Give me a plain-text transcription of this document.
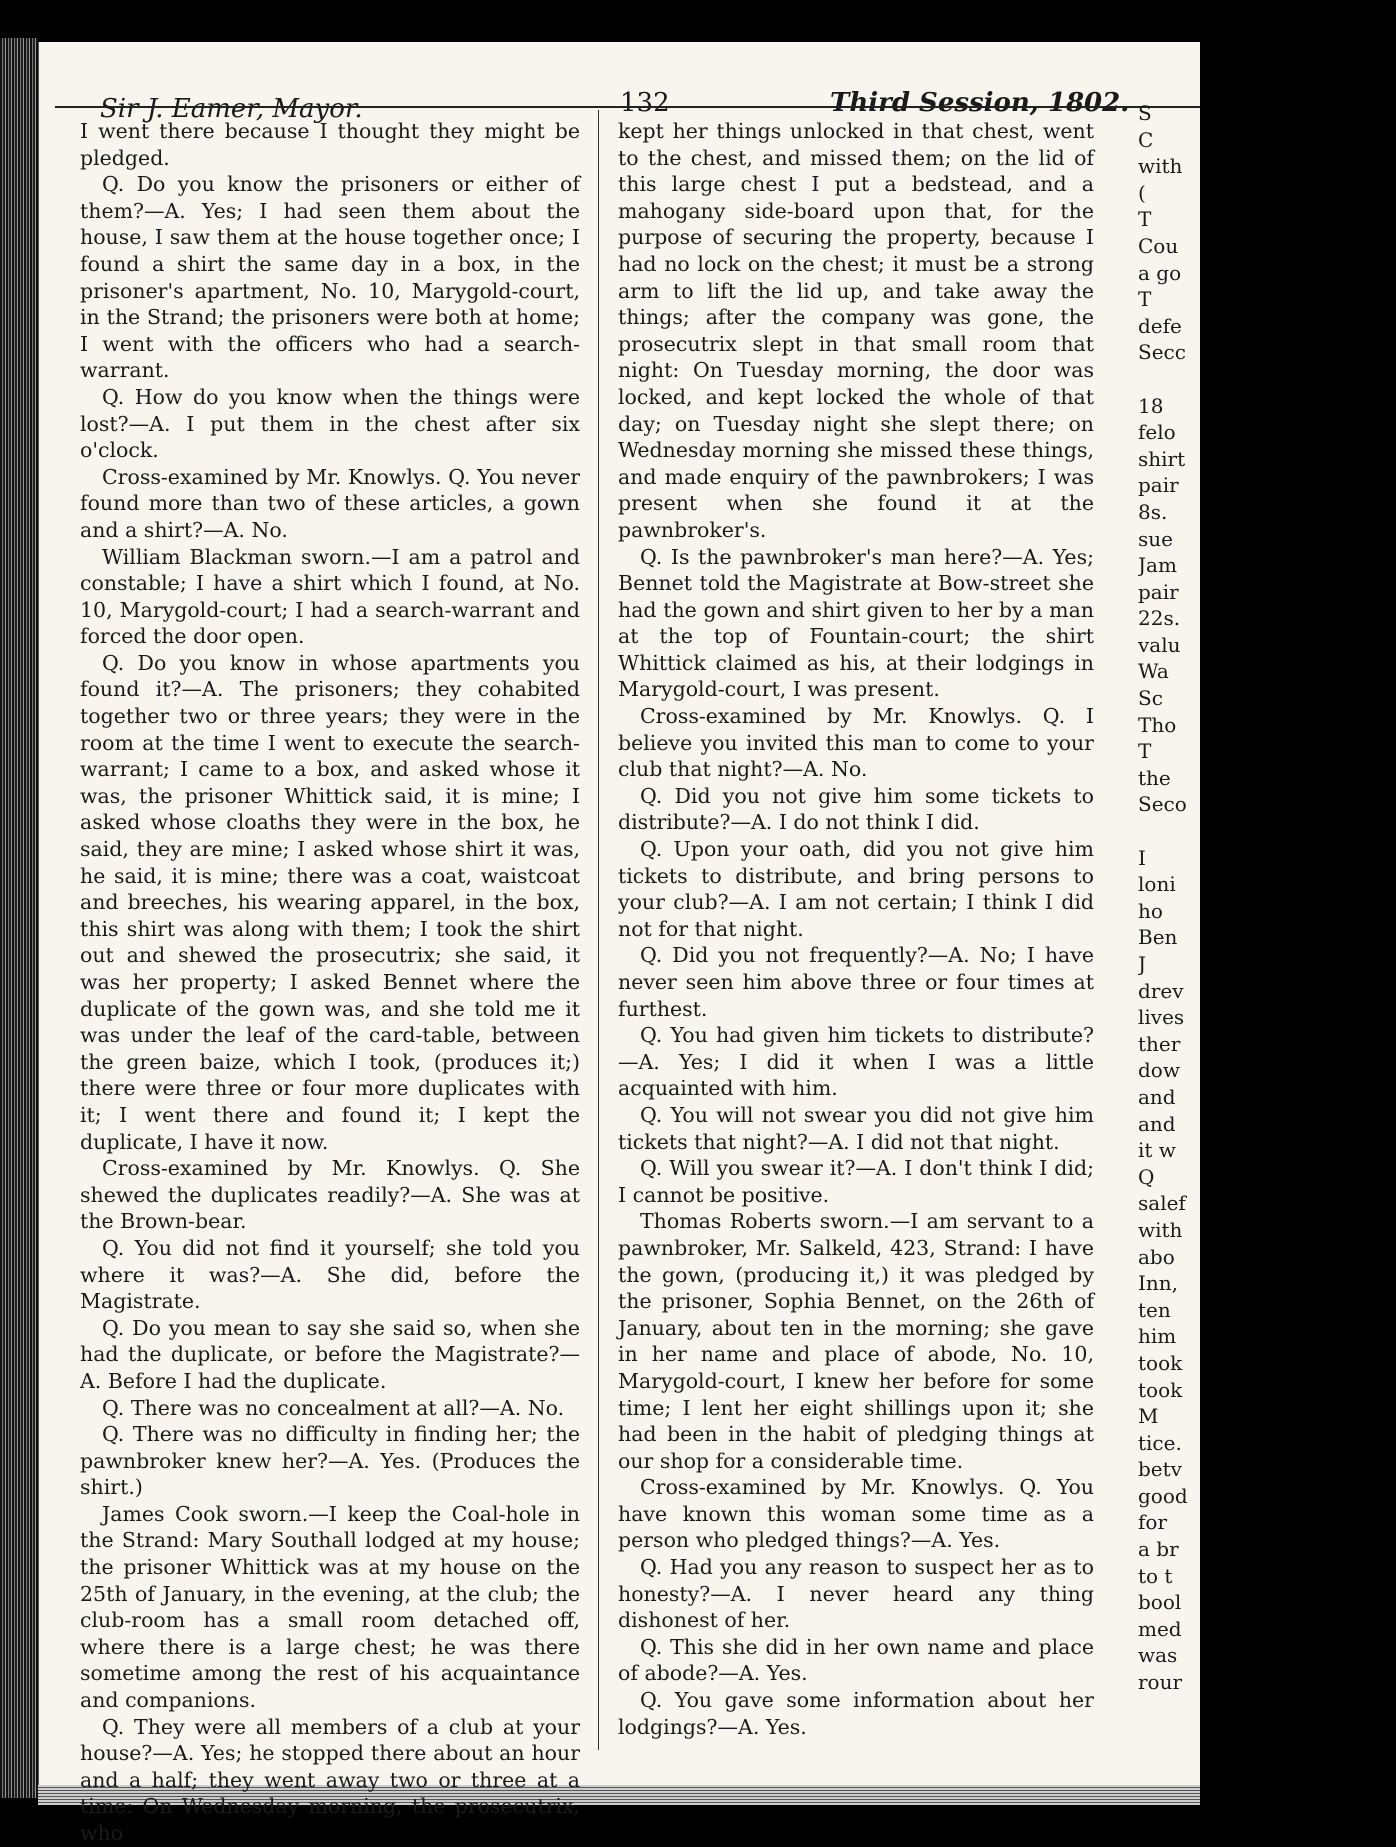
Sir J. Eamer, Mayor.	132	Third Session, 1802.

I went there because I thought they might be pledged.

Q. Do you know the prisoners or either of them?—A. Yes; I had seen them about the house, I saw them at the house together once; I found a shirt the same day in a box, in the prisoner's apartment, No. 10, Marygold-court, in the Strand; the prisoners were both at home; I went with the officers who had a search-warrant.

Q. How do you know when the things were lost?—A. I put them in the chest after six o'clock.

Cross-examined by Mr. Knowlys. Q. You never found more than two of these articles, a gown and a shirt?—A. No.

William Blackman sworn.—I am a patrol and constable; I have a shirt which I found, at No. 10, Marygold-court; I had a search-warrant and forced the door open.

Q. Do you know in whose apartments you found it?—A. The prisoners; they cohabited together two or three years; they were in the room at the time I went to execute the search-warrant; I came to a box, and asked whose it was, the prisoner Whittick said, it is mine; I asked whose cloaths they were in the box, he said, they are mine; I asked whose shirt it was, he said, it is mine; there was a coat, waistcoat and breeches, his wearing apparel, in the box, this shirt was along with them; I took the shirt out and shewed the prosecutrix; she said, it was her property; I asked Bennet where the duplicate of the gown was, and she told me it was under the leaf of the card-table, between the green baize, which I took, (produces it;) there were three or four more duplicates with it; I went there and found it; I kept the duplicate, I have it now.

Cross-examined by Mr. Knowlys. Q. She shewed the duplicates readily?—A. She was at the Brown-bear.

Q. You did not find it yourself; she told you where it was?—A. She did, before the Magistrate.

Q. Do you mean to say she said so, when she had the duplicate, or before the Magistrate?—A. Before I had the duplicate.

Q. There was no concealment at all?—A. No.

Q. There was no difficulty in finding her; the pawnbroker knew her?—A. Yes. (Produces the shirt.)

James Cook sworn.—I keep the Coal-hole in the Strand: Mary Southall lodged at my house; the prisoner Whittick was at my house on the 25th of January, in the evening, at the club; the club-room has a small room detached off, where there is a large chest; he was there sometime among the rest of his acquaintance and companions.

Q. They were all members of a club at your house?—A. Yes; he stopped there about an hour and a half; they went away two or three at a time: On Wednesday morning, the prosecutrix, who

kept her things unlocked in that chest, went to the chest, and missed them; on the lid of this large chest I put a bedstead, and a mahogany side-board upon that, for the purpose of securing the property, because I had no lock on the chest; it must be a strong arm to lift the lid up, and take away the things; after the company was gone, the prosecutrix slept in that small room that night: On Tuesday morning, the door was locked, and kept locked the whole of that day; on Tuesday night she slept there; on Wednesday morning she missed these things, and made enquiry of the pawnbrokers; I was present when she found it at the pawnbroker's.

Q. Is the pawnbroker's man here?—A. Yes; Bennet told the Magistrate at Bow-street she had the gown and shirt given to her by a man at the top of Fountain-court; the shirt Whittick claimed as his, at their lodgings in Marygold-court, I was present.

Cross-examined by Mr. Knowlys. Q. I believe you invited this man to come to your club that night?—A. No.

Q. Did you not give him some tickets to distribute?—A. I do not think I did.

Q. Upon your oath, did you not give him tickets to distribute, and bring persons to your club?—A. I am not certain; I think I did not for that night.

Q. Did you not frequently?—A. No; I have never seen him above three or four times at furthest.

Q. You had given him tickets to distribute?—A. Yes; I did it when I was a little acquainted with him.

Q. You will not swear you did not give him tickets that night?—A. I did not that night.

Q. Will you swear it?—A. I don't think I did; I cannot be positive.

Thomas Roberts sworn.—I am servant to a pawnbroker, Mr. Salkeld, 423, Strand: I have the gown, (producing it,) it was pledged by the prisoner, Sophia Bennet, on the 26th of January, about ten in the morning; she gave in her name and place of abode, No. 10, Marygold-court, I knew her before for some time; I lent her eight shillings upon it; she had been in the habit of pledging things at our shop for a considerable time.

Cross-examined by Mr. Knowlys. Q. You have known this woman some time as a person who pledged things?—A. Yes.

Q. Had you any reason to suspect her as to honesty?—A. I never heard any thing dishonest of her.

Q. This she did in her own name and place of abode?—A. Yes.

Q. You gave some information about her lodgings?—A. Yes.

S
C
with
(
T
Cou
a go
T
defe
Secc

18
felo
shirt
pair
8s.
sue
Jam
pair
22s.
valu
Wa
Sc
Tho
T
the
Seco

I
loni
ho
Ben
J
drev
lives
ther
dow
and
and
it w
Q
salef
with
abo
Inn,
ten
him
took
took
M
tice.
betv
good
for
a br
to t
bool
med
was
rour
